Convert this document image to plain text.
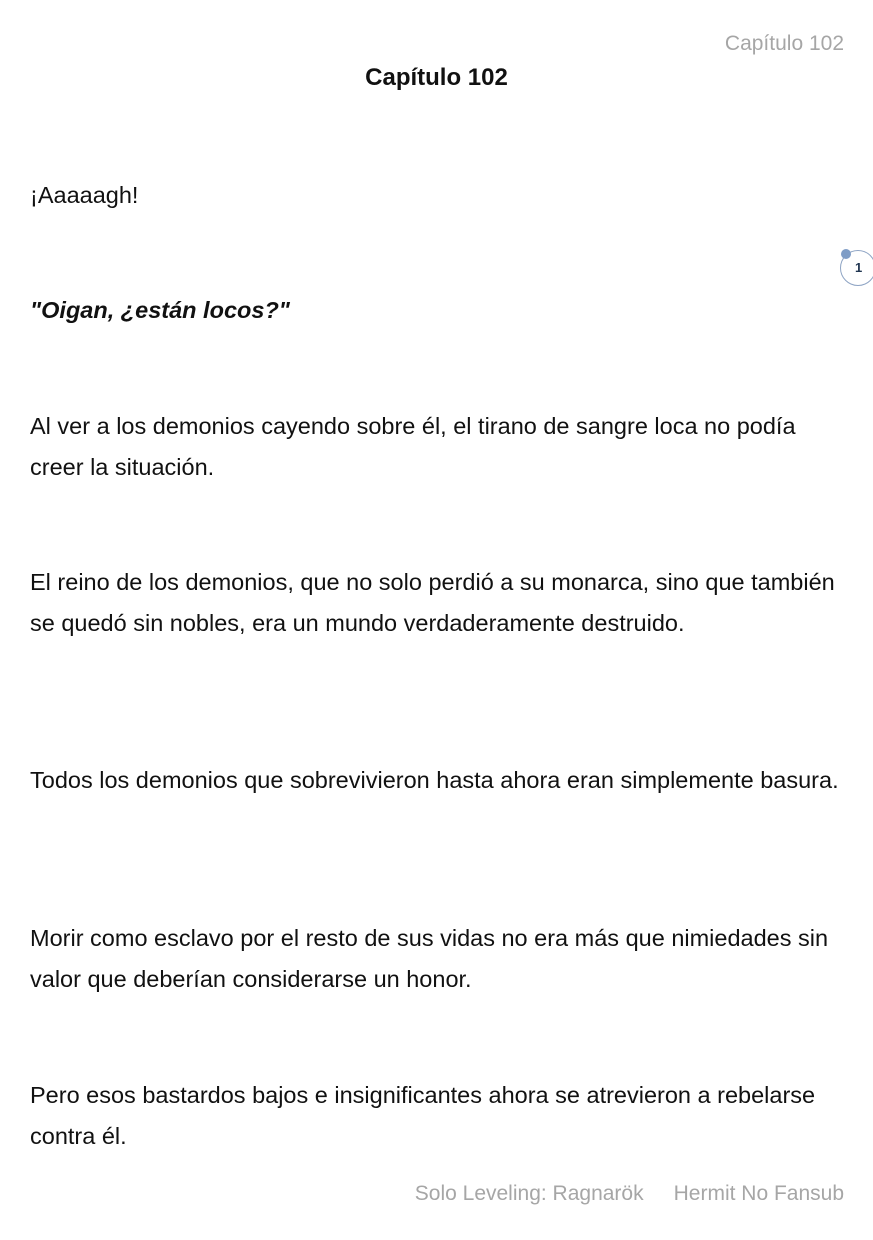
Capítulo 102
Capítulo 102
¡Aaaaagh!
"Oigan, ¿están locos?"
Al ver a los demonios cayendo sobre él, el tirano de sangre loca no podía creer la situación.
El reino de los demonios, que no solo perdió a su monarca, sino que también se quedó sin nobles, era un mundo verdaderamente destruido.
Todos los demonios que sobrevivieron hasta ahora eran simplemente basura.
Morir como esclavo por el resto de sus vidas no era más que nimiedades sin valor que deberían considerarse un honor.
Pero esos bastardos bajos e insignificantes ahora se atrevieron a rebelarse contra él.
1
Solo Leveling: Ragnarök Hermit No Fansub
